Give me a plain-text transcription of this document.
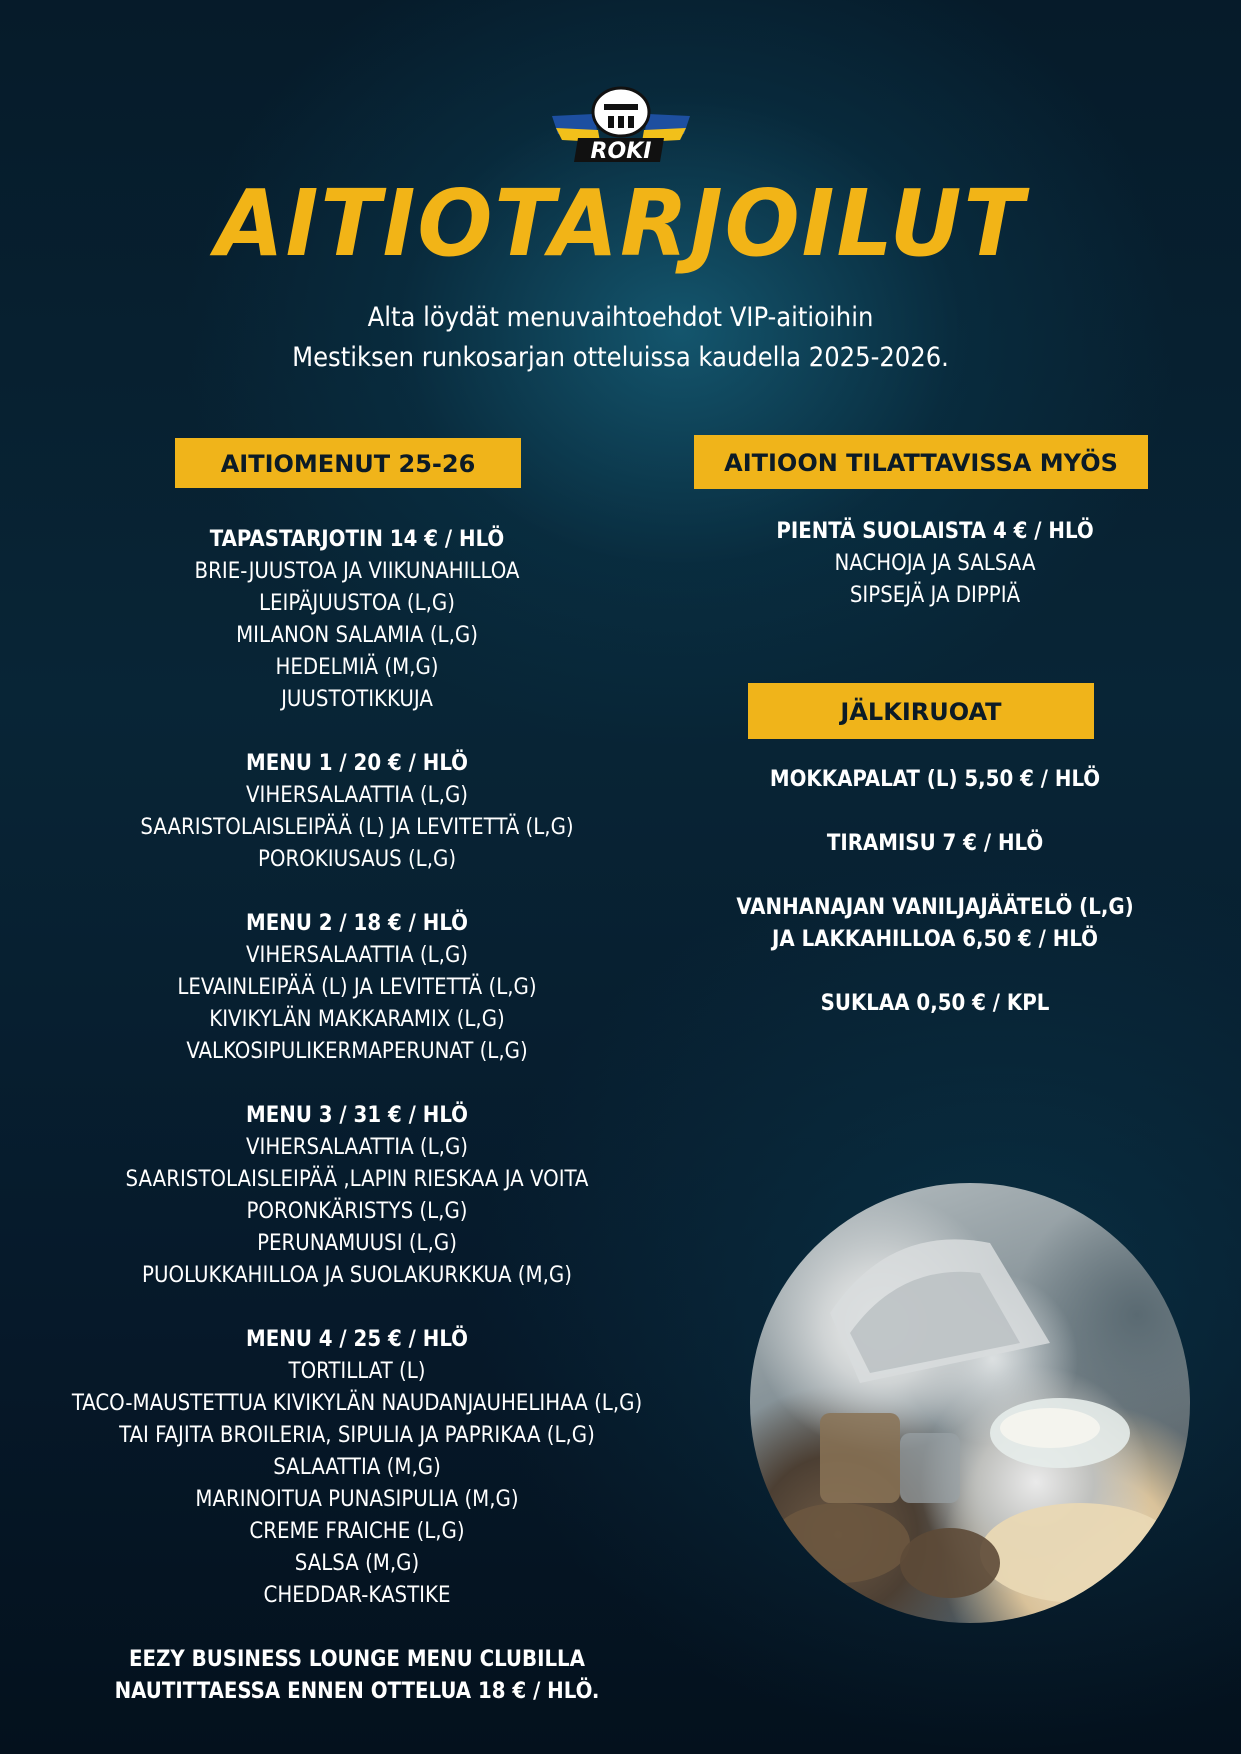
ROKI
AITIOTARJOILUT
Alta löydät menuvaihtoehdot VIP-aitioihin
Mestiksen runkosarjan otteluissa kaudella 2025-2026.
AITIOMENUT 25-26
TAPASTARJOTIN 14 € / HLÖ
BRIE-JUUSTOA JA VIIKUNAHILLOA
LEIPÄJUUSTOA (L,G)
MILANON SALAMIA (L,G)
HEDELMIÄ (M,G)
JUUSTOTIKKUJA
MENU 1 / 20 € / HLÖ
VIHERSALAATTIA (L,G)
SAARISTOLAISLEIPÄÄ (L) JA LEVITETTÄ (L,G)
POROKIUSAUS (L,G)
MENU 2 / 18 € / HLÖ
VIHERSALAATTIA (L,G)
LEVAINLEIPÄÄ (L) JA LEVITETTÄ (L,G)
KIVIKYLÄN MAKKARAMIX (L,G)
VALKOSIPULIKERMAPERUNAT (L,G)
MENU 3 / 31 € / HLÖ
VIHERSALAATTIA (L,G)
SAARISTOLAISLEIPÄÄ ,LAPIN RIESKAA JA VOITA
PORONKÄRISTYS (L,G)
PERUNAMUUSI (L,G)
PUOLUKKAHILLOA JA SUOLAKURKKUA (M,G)
MENU 4 / 25 € / HLÖ
TORTILLAT (L)
TACO-MAUSTETTUA KIVIKYLÄN NAUDANJAUHELIHAA (L,G)
TAI FAJITA BROILERIA, SIPULIA JA PAPRIKAA (L,G)
SALAATTIA (M,G)
MARINOITUA PUNASIPULIA (M,G)
CREME FRAICHE (L,G)
SALSA (M,G)
CHEDDAR-KASTIKE
EEZY BUSINESS LOUNGE MENU CLUBILLA
NAUTITTAESSA ENNEN OTTELUA 18 € / HLÖ.
AITIOON TILATTAVISSA MYÖS
PIENTÄ SUOLAISTA 4 € / HLÖ
NACHOJA JA SALSAA
SIPSEJÄ JA DIPPIÄ
JÄLKIRUOAT
MOKKAPALAT (L) 5,50 € / HLÖ
TIRAMISU 7 € / HLÖ
VANHANAJAN VANILJAJÄÄTELÖ (L,G)
JA LAKKAHILLOA 6,50 € / HLÖ
SUKLAA 0,50 € / KPL
